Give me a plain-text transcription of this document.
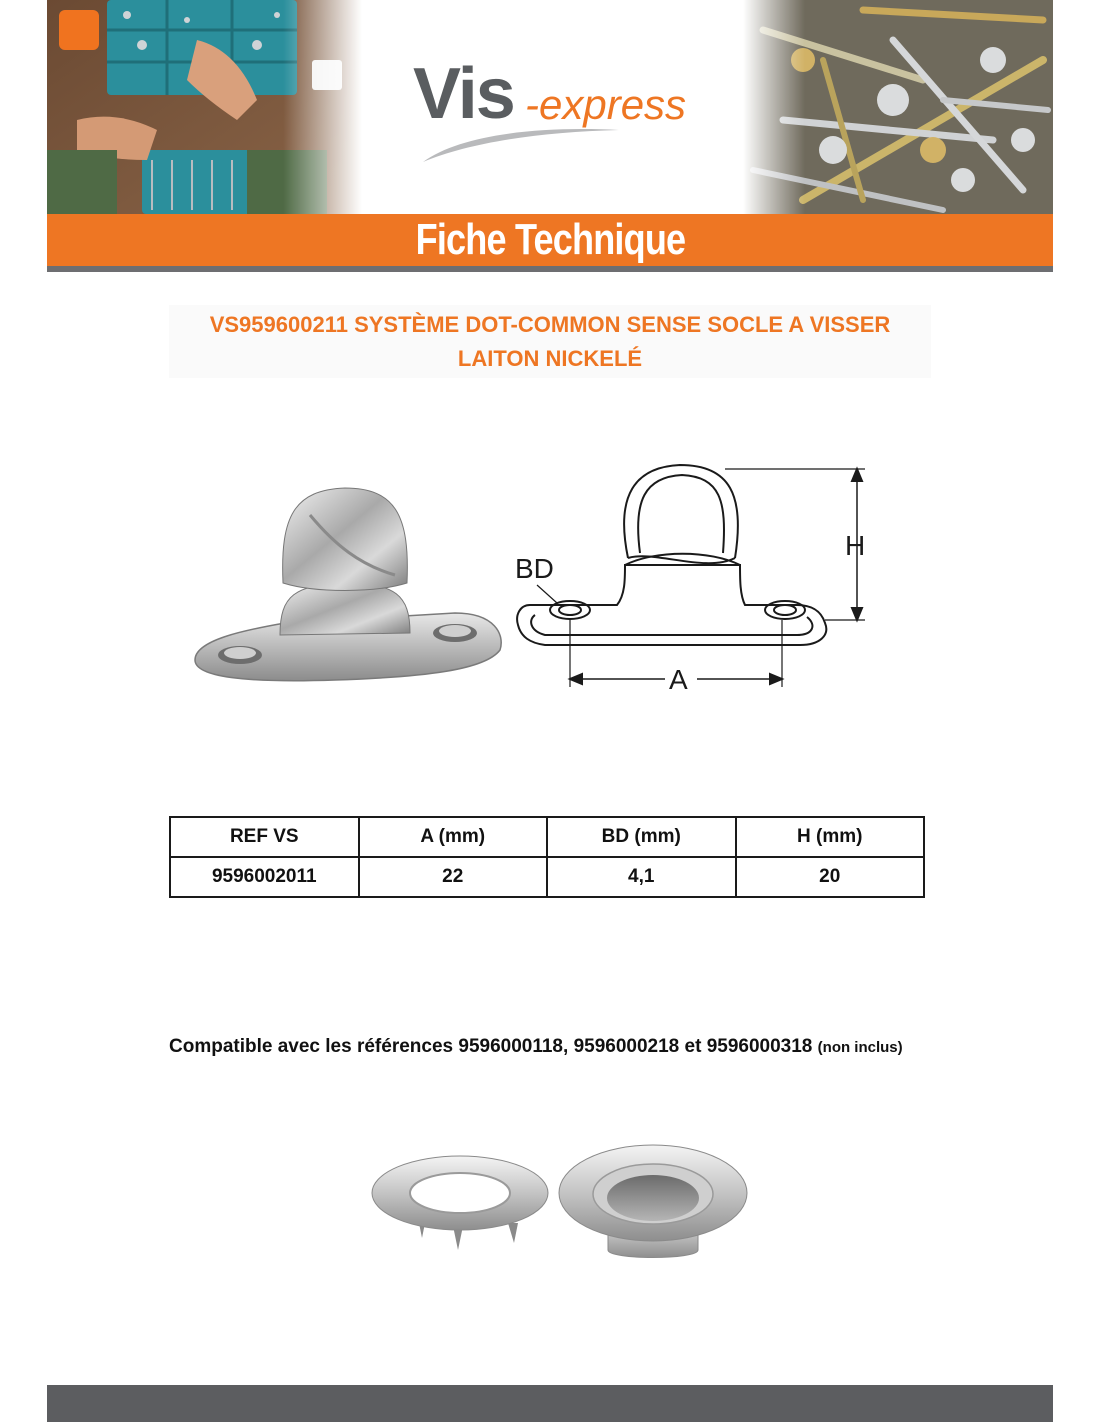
Vis -express
Fiche Technique
VS959600211 SYSTÈME DOT-COMMON SENSE SOCLE A VISSER
LAITON NICKELÉ
BD
H
A
REF VS	A (mm)	BD (mm)	H (mm)
9596002011	22	4,1	20
Compatible avec les références 9596000118, 9596000218 et 9596000318 (non inclus)
